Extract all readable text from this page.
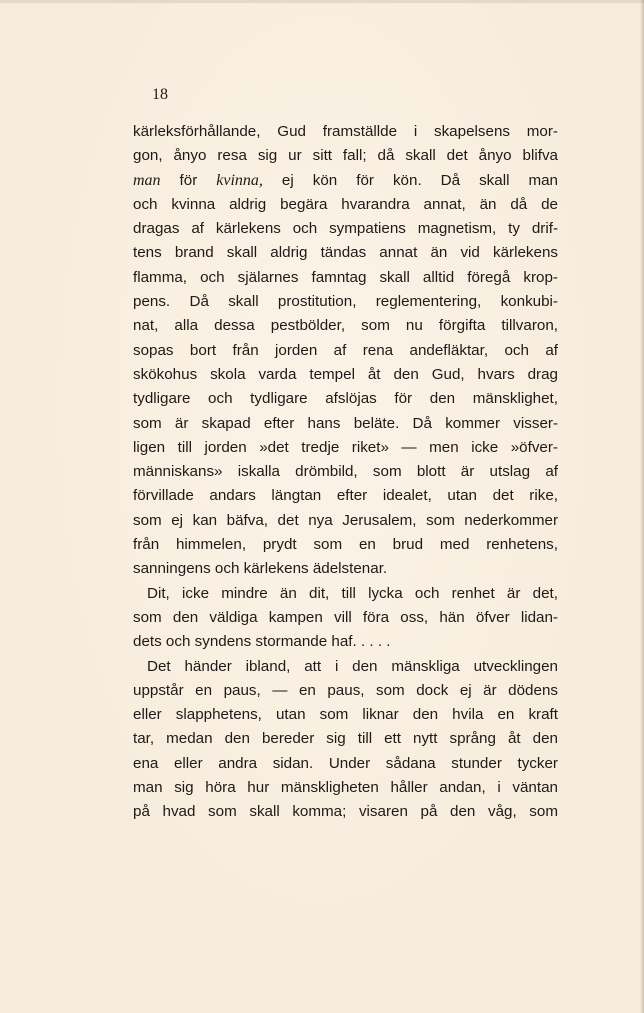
18

kärleksförhållande, Gud framställde i skapelsens mor-
gon, ånyo resa sig ur sitt fall; då skall det ånyo blifva
man för kvinna, ej kön för kön. Då skall man
och kvinna aldrig begära hvarandra annat, än då de
dragas af kärlekens och sympatiens magnetism, ty drif-
tens brand skall aldrig tändas annat än vid kärlekens
flamma, och själarnes famntag skall alltid föregå krop-
pens. Då skall prostitution, reglementering, konkubi-
nat, alla dessa pestbölder, som nu förgifta tillvaron,
sopas bort från jorden af rena andefläktar, och af
skökohus skola varda tempel åt den Gud, hvars drag
tydligare och tydligare afslöjas för den mänsklighet,
som är skapad efter hans beläte. Då kommer visser-
ligen till jorden »det tredje riket» — men icke »öfver-
människans» iskalla drömbild, som blott är utslag af
förvillade andars längtan efter idealet, utan det rike,
som ej kan bäfva, det nya Jerusalem, som nederkommer
från himmelen, prydt som en brud med renhetens,
sanningens och kärlekens ädelstenar.
Dit, icke mindre än dit, till lycka och renhet är det,
som den väldiga kampen vill föra oss, hän öfver lidan-
dets och syndens stormande haf. . . . .
Det händer ibland, att i den mänskliga utvecklingen
uppstår en paus, — en paus, som dock ej är dödens
eller slapphetens, utan som liknar den hvila en kraft
tar, medan den bereder sig till ett nytt språng åt den
ena eller andra sidan. Under sådana stunder tycker
man sig höra hur mänskligheten håller andan, i väntan
på hvad som skall komma; visaren på den våg, som
